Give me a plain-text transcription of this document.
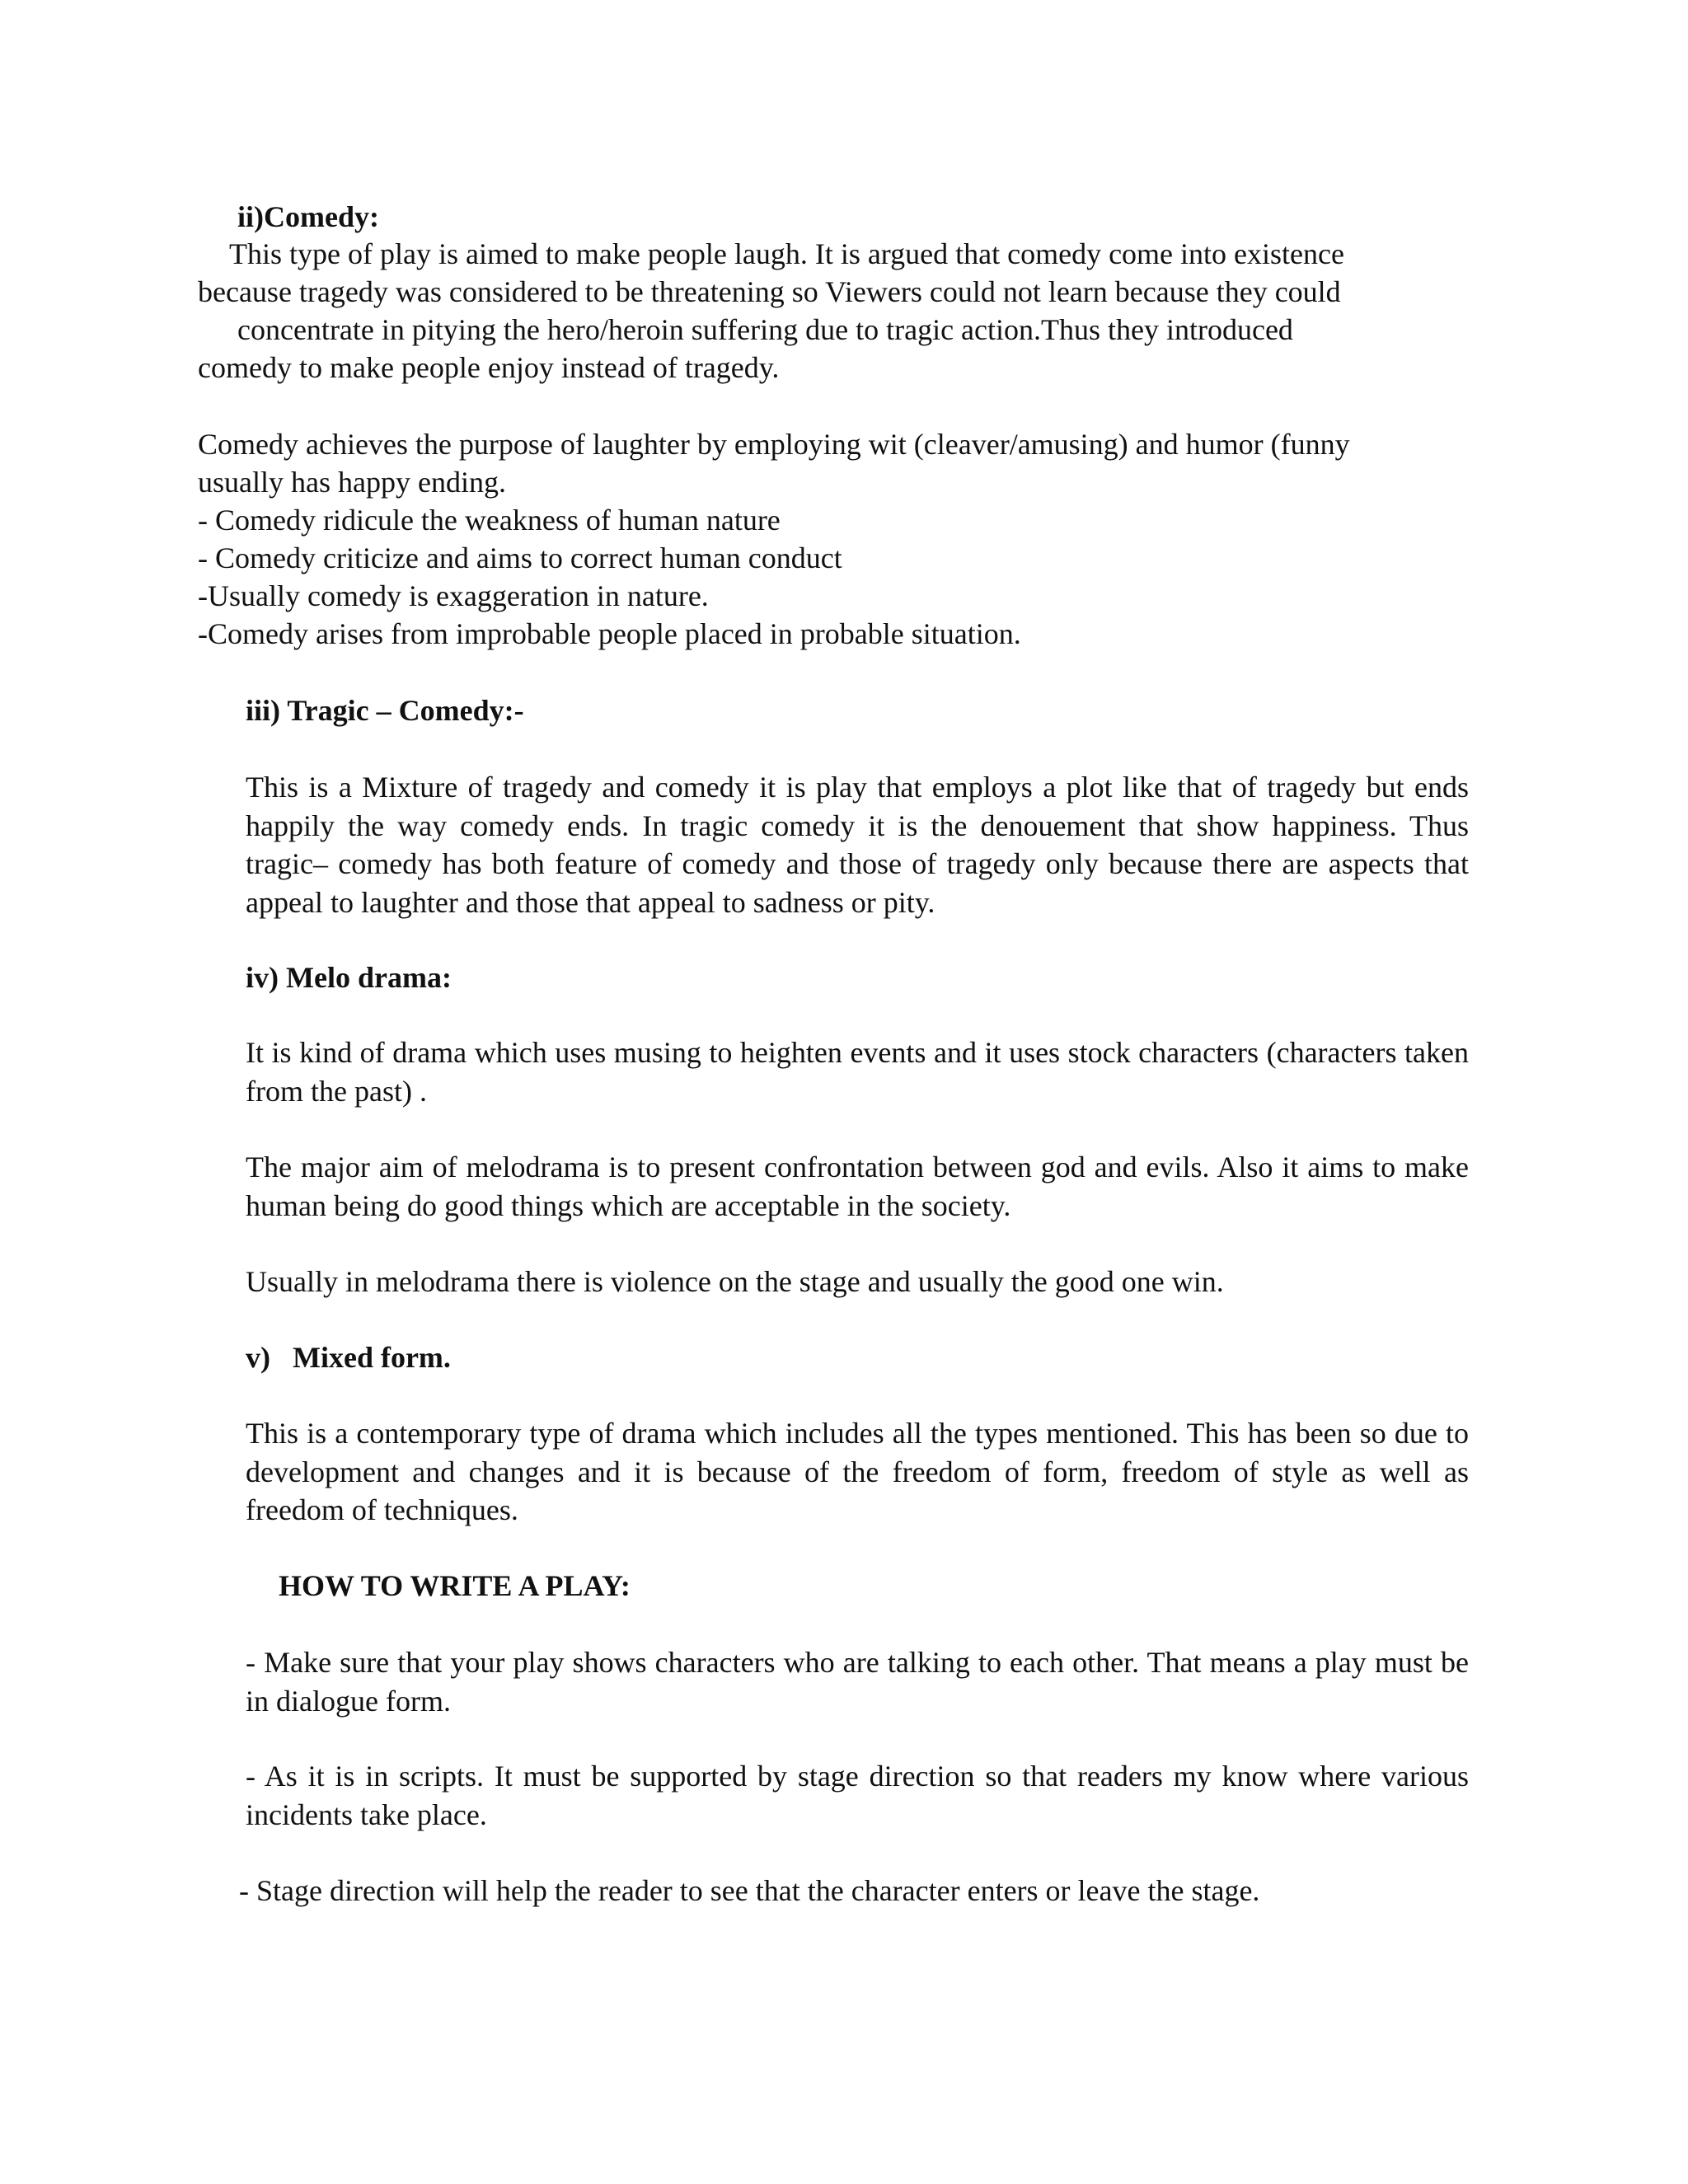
ii)Comedy:

This type of play is aimed to make people laugh. It is argued that comedy come into existence

because tragedy was considered to be threatening so Viewers could not learn because they could

concentrate in pitying the hero/heroin suffering due to tragic action.Thus they introduced

comedy to make people enjoy instead of tragedy.

Comedy achieves the purpose of laughter by employing wit (cleaver/amusing) and humor (funny

usually has happy ending.

- Comedy ridicule the weakness of human nature

- Comedy criticize and aims to correct human conduct

-Usually comedy is exaggeration in nature.

-Comedy arises from improbable people placed in probable situation.

iii) Tragic – Comedy:-

This is a Mixture of tragedy and comedy it is play that employs a plot like that of tragedy but ends happily the way comedy ends. In tragic comedy it is the denouement that show happiness. Thus tragic– comedy has both feature of comedy and those of tragedy only because there are aspects that appeal to laughter and those that appeal to sadness or pity.

iv) Melo drama:

It is kind of drama which uses musing to heighten events and it uses stock characters (characters taken from the past) .

The major aim of melodrama is to present confrontation between god and evils. Also it aims to make human being do good things which are acceptable in the society.

Usually in melodrama there is violence on the stage and usually the good one win.

v)   Mixed form.

This is a contemporary type of drama which includes all the types mentioned. This has been so due to development and changes and it is because of the freedom of form, freedom of style as well as freedom of techniques.

HOW TO WRITE A PLAY:

- Make sure that your play shows characters who are talking to each other. That means a play must be in dialogue form.

- As it is in scripts. It must be supported by stage direction so that readers my know where various incidents take place.

- Stage direction will help the reader to see that the character enters or leave the stage.
